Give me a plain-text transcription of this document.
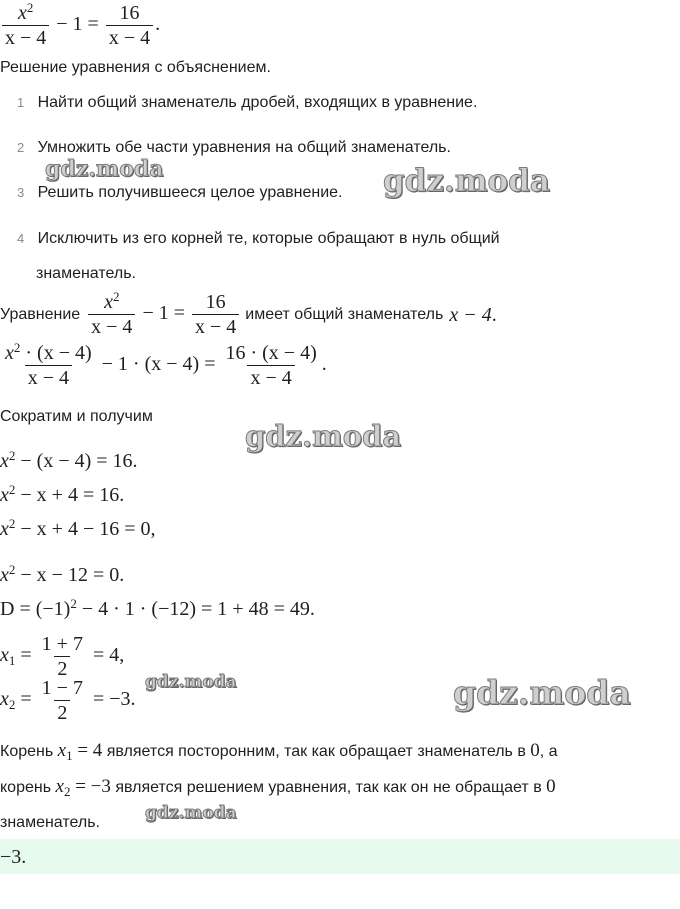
$\frac{x^2}{x - 4} - 1 = \frac{16}{x - 4}$ .
Решение уравнения с объяснением.
1 Найти общий знаменатель дробей, входящих в уравнение.
2 Умножить обе части уравнения на общий знаменатель.
3 Решить получившееся целое уравнение.
4 Исключить из его корней те, которые обращают в нуль общий
знаменатель.
Уравнение $\frac{x^2}{x - 4} - 1 = \frac{16}{x - 4}$ имеет общий знаменатель x − 4.
$\frac{x^2 \cdot (x - 4)}{x - 4} - 1 \cdot (x - 4) = \frac{16 \cdot (x - 4)}{x - 4}$ .
Сократим и получим
$x^2 - (x - 4) = 16$.
$x^2 - x + 4 = 16$.
$x^2 - x + 4 - 16 = 0$,
$x^2 - x - 12 = 0$.
$D = (-1)^2 - 4 \cdot 1 \cdot (-12) = 1 + 48 = 49$.
$x_1 = \frac{1 + 7}{2} = 4$,
$x_2 = \frac{1 - 7}{2} = -3$.
Корень $x_1 = 4$ является посторонним, так как обращает знаменатель в 0, а
корень $x_2 = -3$ является решением уравнения, так как он не обращает в 0
знаменатель.
−3.
gdz.moda	gdz.moda
gdz.moda
gdz.moda	gdz.moda
gdz.moda
